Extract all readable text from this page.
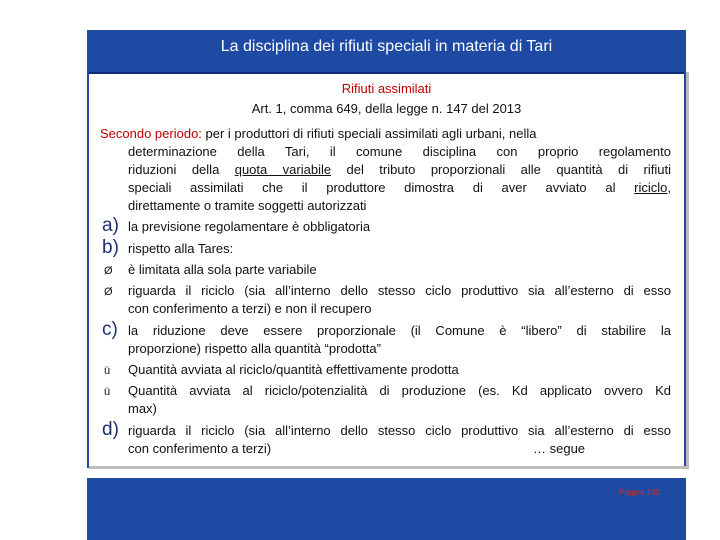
La disciplina dei rifiuti speciali in materia di Tari
Rifiuti assimilati
Art. 1, comma 649, della legge n. 147 del 2013
Secondo periodo: per i produttori di rifiuti speciali assimilati agli urbani, nella
determinazione della Tari, il comune disciplina con proprio regolamento
riduzioni della quota variabile del tributo proporzionali alle quantità di rifiuti
speciali assimilati che il produttore dimostra di aver avviato al riciclo,
direttamente o tramite soggetti autorizzati
a) la previsione regolamentare è obbligatoria
b) rispetto alla Tares:
Ø è limitata alla sola parte variabile
Ø riguarda il riciclo (sia all’interno dello stesso ciclo produttivo sia all’esterno di esso
con conferimento a terzi) e non il recupero
c) la riduzione deve essere proporzionale (il Comune è “libero” di stabilire la
proporzione) rispetto alla quantità “prodotta”
ü Quantità avviata al riciclo/quantità effettivamente prodotta
ü Quantità avviata al riciclo/potenzialità di produzione (es. Kd applicato ovvero Kd
max)
d) riguarda il riciclo (sia all’interno dello stesso ciclo produttivo sia all’esterno di esso
con conferimento a terzi)	… segue
Pagina 130
